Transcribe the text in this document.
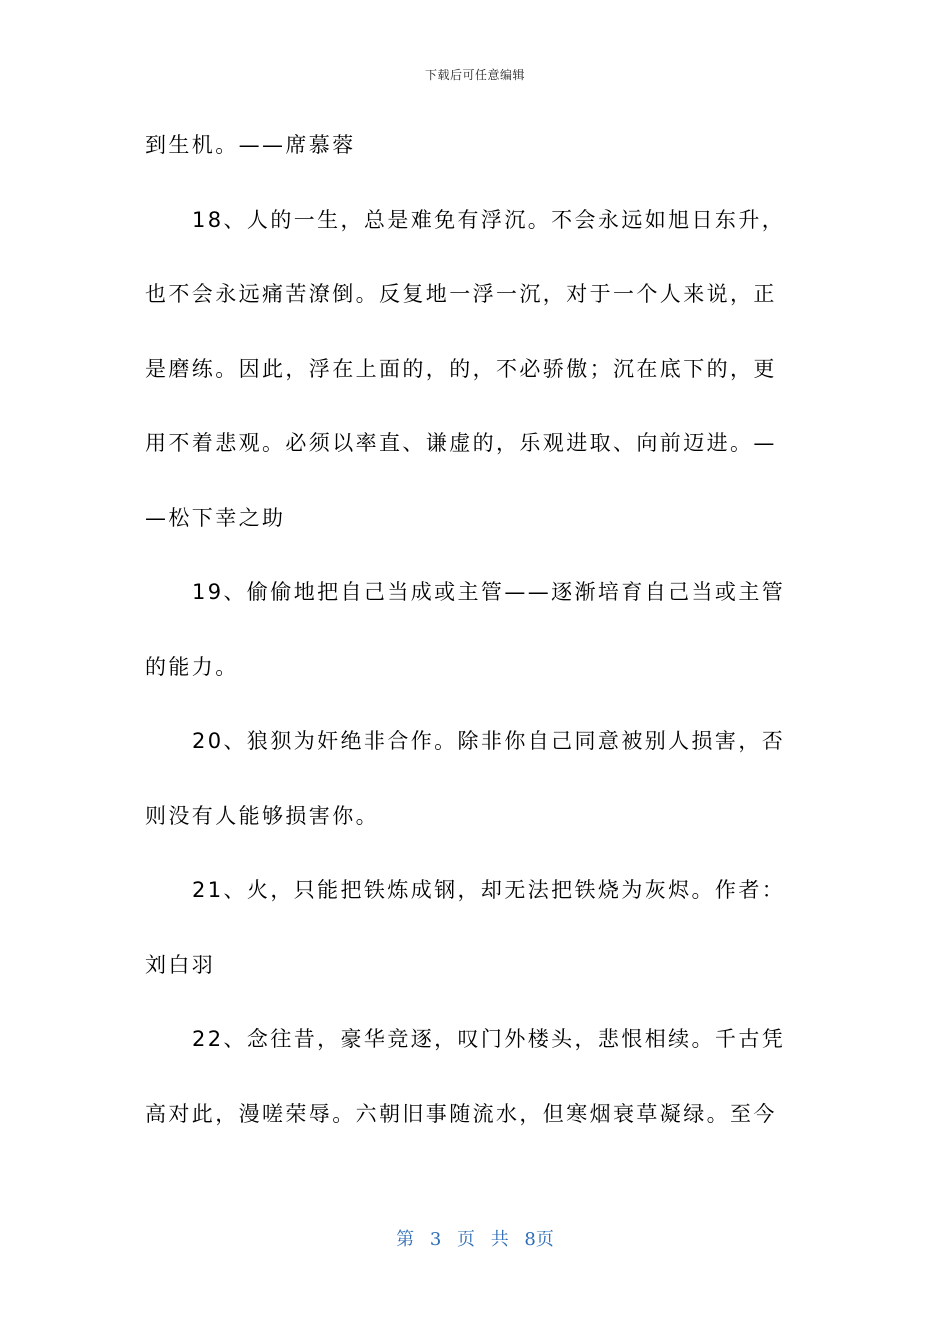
下载后可任意编辑
到生机。——席慕蓉
18、人的一生，总是难免有浮沉。不会永远如旭日东升，
也不会永远痛苦潦倒。反复地一浮一沉，对于一个人来说，正
是磨练。因此，浮在上面的，的，不必骄傲；沉在底下的，更
用不着悲观。必须以率直、谦虚的，乐观进取、向前迈进。—
—松下幸之助
19、偷偷地把自己当成或主管——逐渐培育自己当或主管
的能力。
20、狼狈为奸绝非合作。除非你自己同意被别人损害，否
则没有人能够损害你。
21、火，只能把铁炼成钢，却无法把铁烧为灰烬。作者：
刘白羽
22、念往昔，豪华竞逐，叹门外楼头，悲恨相续。千古凭
高对此，漫嗟荣辱。六朝旧事随流水，但寒烟衰草凝绿。至今
第 3 页 共 8页
